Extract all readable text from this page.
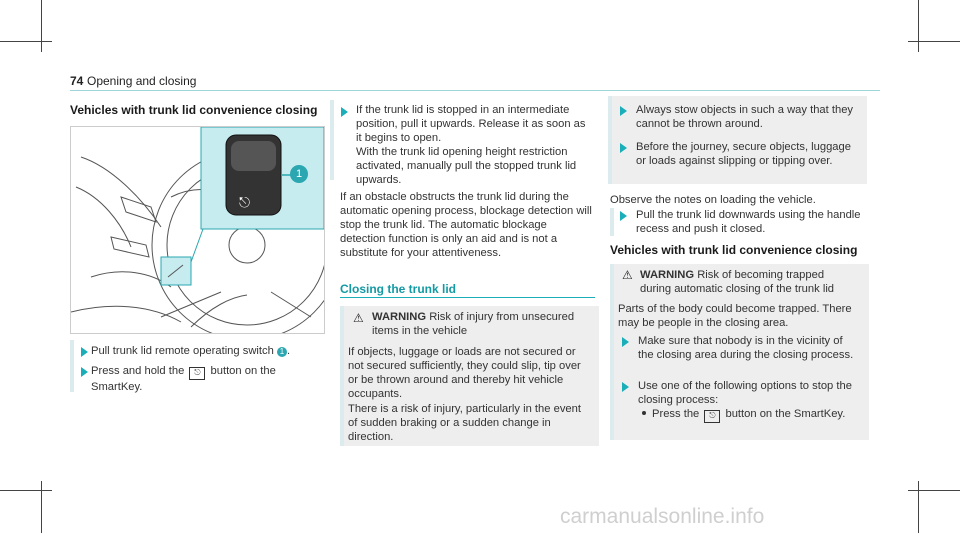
74 Opening and closing
Vehicles with trunk lid convenience closing
⎋
1
Pull trunk lid remote operating switch 1 .
Press and hold the ⎋ button on the SmartKey.
If the trunk lid is stopped in an intermediate position, pull it upwards. Release it as soon as it begins to open.
With the trunk lid opening height restriction activated, manually pull the stopped trunk lid upwards.
If an obstacle obstructs the trunk lid during the automatic opening process, blockage detection will stop the trunk lid. The automatic blockage detection function is only an aid and is not a substitute for your attentiveness.
Closing the trunk lid
⚠ WARNING Risk of injury from unsecured items in the vehicle
If objects, luggage or loads are not secured or not secured sufficiently, they could slip, tip over or be thrown around and thereby hit vehicle occupants.
There is a risk of injury, particularly in the event of sudden braking or a sudden change in direction.
Always stow objects in such a way that they cannot be thrown around.
Before the journey, secure objects, luggage or loads against slipping or tipping over.
Observe the notes on loading the vehicle.
Pull the trunk lid downwards using the handle recess and push it closed.
Vehicles with trunk lid convenience closing
⚠ WARNING Risk of becoming trapped during automatic closing of the trunk lid
Parts of the body could become trapped. There may be people in the closing area.
Make sure that nobody is in the vicinity of the closing area during the closing process.
Use one of the following options to stop the closing process:
Press the ⎋ button on the SmartKey.
carmanualsonline.info
